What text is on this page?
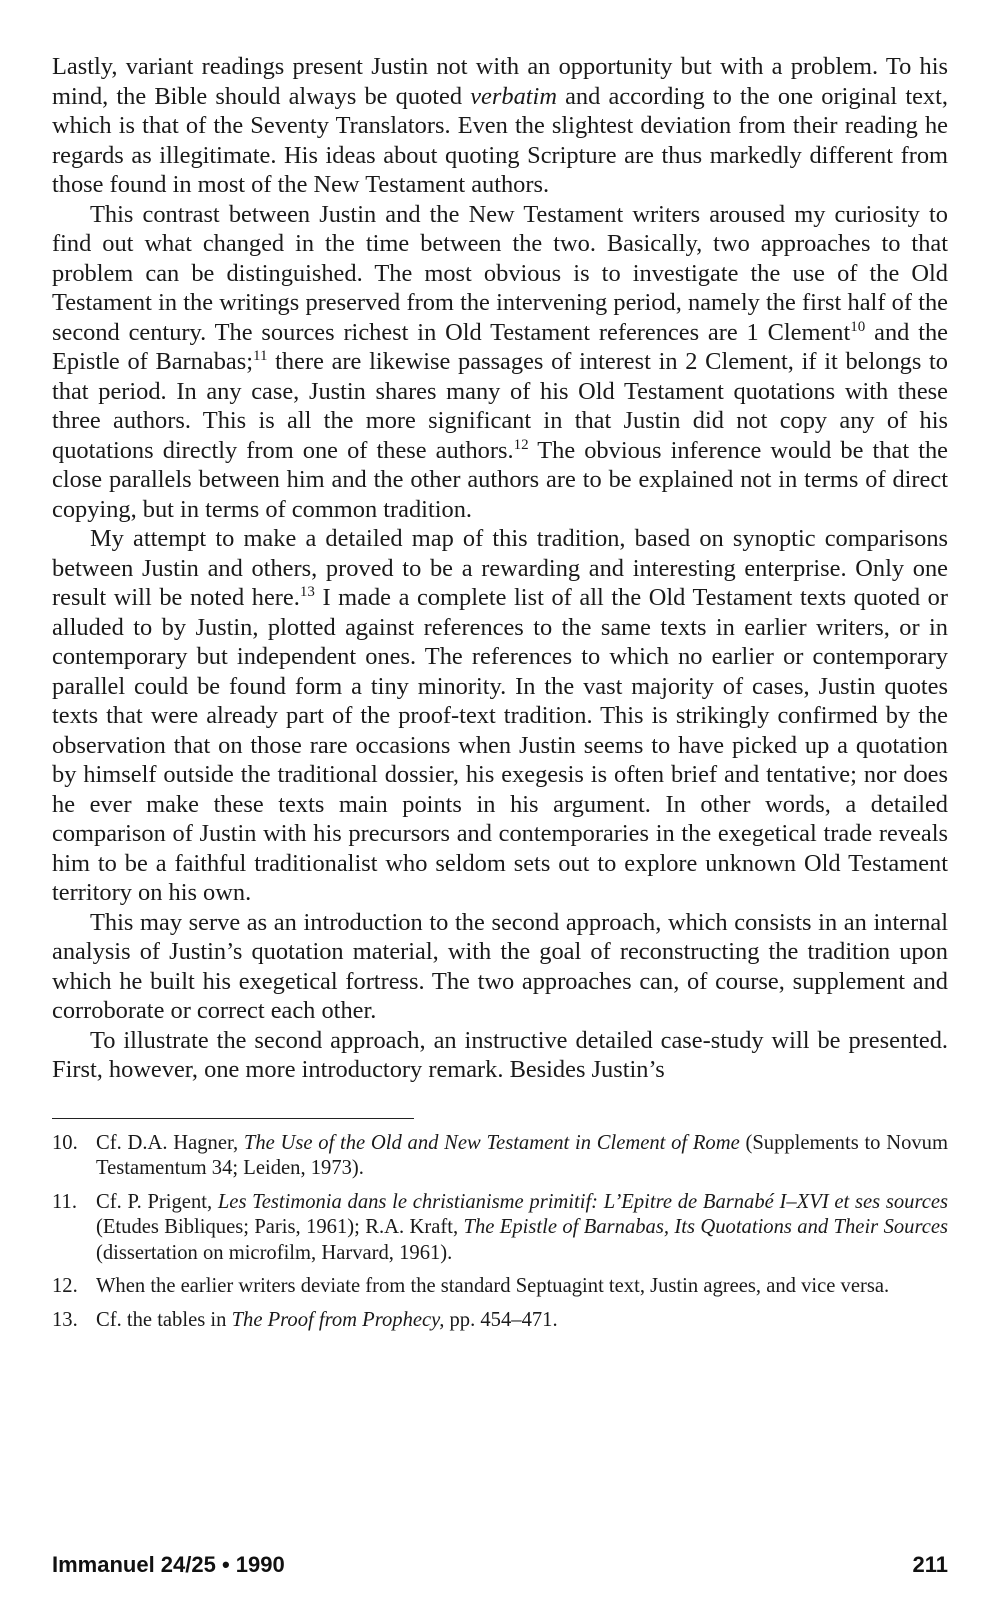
Lastly, variant readings present Justin not with an opportunity but with a problem. To his mind, the Bible should always be quoted verbatim and according to the one original text, which is that of the Seventy Translators. Even the slightest deviation from their reading he regards as illegitimate. His ideas about quoting Scripture are thus markedly different from those found in most of the New Testament authors.

This contrast between Justin and the New Testament writers aroused my curiosity to find out what changed in the time between the two. Basically, two approaches to that problem can be distinguished. The most obvious is to investigate the use of the Old Testament in the writings preserved from the intervening period, namely the first half of the second century. The sources richest in Old Testament references are 1 Clement$^{10}$ and the Epistle of Barnabas;$^{11}$ there are likewise passages of interest in 2 Clement, if it belongs to that period. In any case, Justin shares many of his Old Testament quotations with these three authors. This is all the more significant in that Justin did not copy any of his quotations directly from one of these authors.$^{12}$ The obvious inference would be that the close parallels between him and the other authors are to be explained not in terms of direct copying, but in terms of common tradition.

My attempt to make a detailed map of this tradition, based on synoptic comparisons between Justin and others, proved to be a rewarding and interesting enterprise. Only one result will be noted here.$^{13}$ I made a complete list of all the Old Testament texts quoted or alluded to by Justin, plotted against references to the same texts in earlier writers, or in contemporary but independent ones. The references to which no earlier or contemporary parallel could be found form a tiny minority. In the vast majority of cases, Justin quotes texts that were already part of the proof-text tradition. This is strikingly confirmed by the observation that on those rare occasions when Justin seems to have picked up a quotation by himself outside the traditional dossier, his exegesis is often brief and tentative; nor does he ever make these texts main points in his argument. In other words, a detailed comparison of Justin with his precursors and contemporaries in the exegetical trade reveals him to be a faithful traditionalist who seldom sets out to explore unknown Old Testament territory on his own.

This may serve as an introduction to the second approach, which consists in an internal analysis of Justin’s quotation material, with the goal of reconstructing the tradition upon which he built his exegetical fortress. The two approaches can, of course, supplement and corroborate or correct each other.

To illustrate the second approach, an instructive detailed case-study will be presented. First, however, one more introductory remark. Besides Justin’s

10. Cf. D.A. Hagner, The Use of the Old and New Testament in Clement of Rome (Supplements to Novum Testamentum 34; Leiden, 1973).
11. Cf. P. Prigent, Les Testimonia dans le christianisme primitif: L’Epitre de Barnabé I–XVI et ses sources (Etudes Bibliques; Paris, 1961); R.A. Kraft, The Epistle of Barnabas, Its Quotations and Their Sources (dissertation on microfilm, Harvard, 1961).
12. When the earlier writers deviate from the standard Septuagint text, Justin agrees, and vice versa.
13. Cf. the tables in The Proof from Prophecy, pp. 454–471.
Immanuel 24/25 • 1990	211
